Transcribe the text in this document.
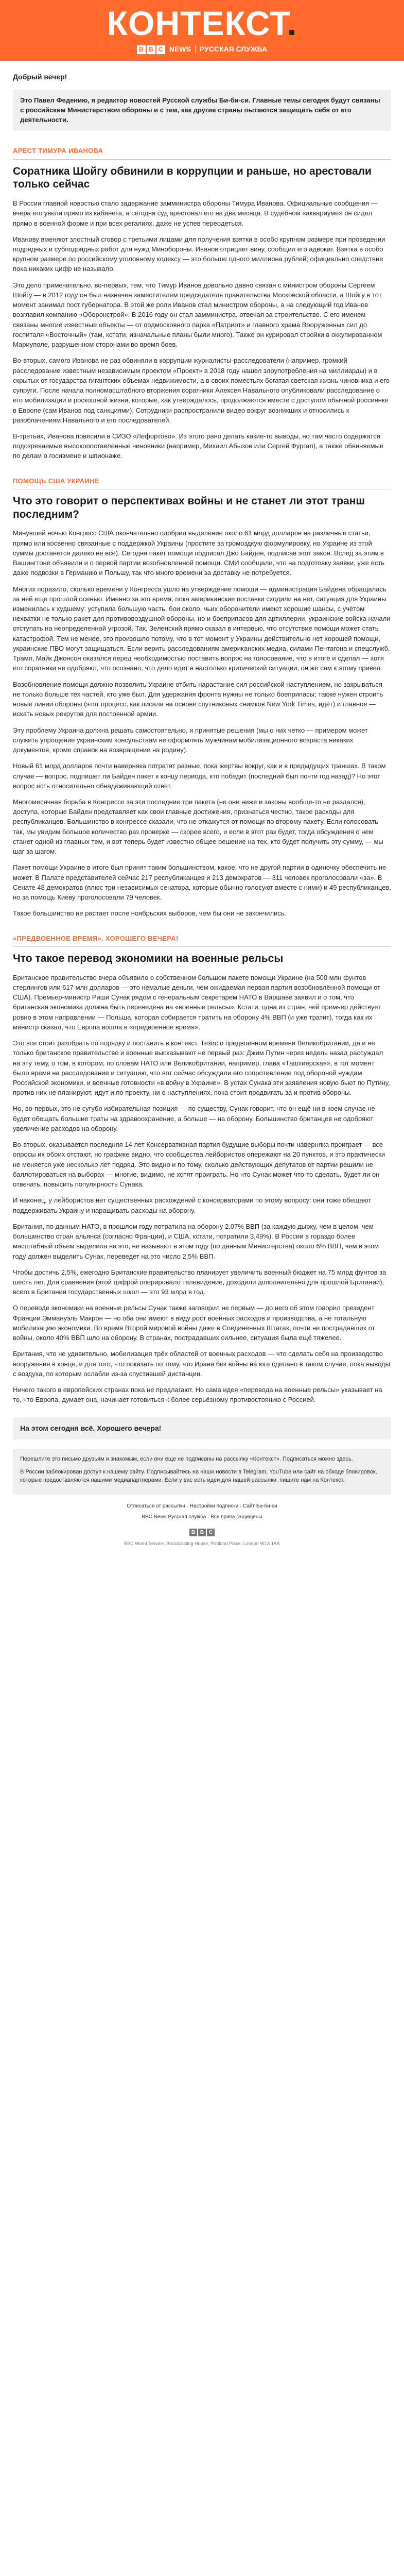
КОНТЕКСТ.
B B C NEWS РУССКАЯ СЛУЖБА
Добрый вечер!
Это Павел Федению, я редактор новостей Русской службы Би-би-си. Главные темы сегодня будут связаны с российским Министерством обороны и с тем, как другие страны пытаются защищать себя от его деятельности.
АРЕСТ ТИМУРА ИВАНОВА
Соратника Шойгу обвинили в коррупции и раньше, но арестовали только сейчас

В России главной новостью стало задержание замминистра обороны Тимура Иванова. Официальные сообщения — вчера его увели прямо из кабинета, а сегодня суд арестовал его на два месяца. В судебном «аквариуме» он сидел прямо в военной форме и при всех регалиях, даже не успев переодеться.

Иванову вменяют злостный сговор с третьими лицами для получения взятки в особо крупном размере при проведении подрядных и субподрядных работ для нужд Минобороны. Иванов отрицает вину, сообщил его адвокат. Взятка в особо крупном размере по российскому уголовному кодексу — это больше одного миллиона рублей; официально следствие пока никаких цифр не называло.

Это дело примечательно, во-первых, тем, что Тимур Иванов довольно давно связан с министром обороны Сергеем Шойгу — в 2012 году он был назначен заместителем председателя правительства Московской области, а Шойгу в тот момент занимал пост губернатора. В этой же роли Иванов стал министром обороны, а на следующий год Иванов возглавил компанию «Оборонстрой». В 2016 году он стал замминистра, отвечая за строительство. С его именем связаны многие известные объекты — от подмосковного парка «Патриот» и главного храма Вооруженных сил до госпиталя «Восточный» (там, кстати, изначальные планы были много). Также он курировал стройки в оккупированном Мариуполе, разрушенном сторонами во время боев.

Во-вторых, самого Иванова не раз обвиняли в коррупции журналисты-расследователи (например, громкий расследование известным независимым проектом «Проект» в 2018 году нашел злоупотребления на миллиарды) и в скрытых от государства гигантских объемах недвижимости, а в своих поместьях богатая светская жизнь чиновника и его супруги. После начала полномасштабного вторжения соратники Алексея Навального опубликовали расследование о его мобилизации и роскошной жизни, которые, как утверждалось, продолжаются вместе с доступом обычной россиянке в Европе (сам Иванов под санкциями). Сотрудники распространили видео вокруг возникших и относились к разоблачениям Навального и его последователей.

В-третьих, Иванова повесили в СИЗО «Лефортово». Из этого рано делать какие-то выводы, но там часто содержатся подозреваемые высокопоставленные чиновники (например, Михаил Абызов или Сергей Фургал), а также обвиняемые по делам о госизмене и шпионаже.

ПОМОЩЬ США УКРАИНЕ
Что это говорит о перспективах войны и не станет ли этот транш последним?

Минувшей ночью Конгресс США окончательно одобрил выделение около 61 млрд долларов на различные статьи, прямо или косвенно связанные с поддержкой Украины (простите за громоздкую формулировку, но Украине из этой суммы достанется далеко не всё). Сегодня пакет помощи подписал Джо Байден, подписав этот закон. Вслед за этим в Вашингтоне объявили и о первой партии возобновленной помощи. СМИ сообщали, что на подготовку заявки, уже есть даже подвозки в Германию и Польшу, так что много времени за доставку не потребуется.

Многих поразило, сколько времени у Конгресса ушло на утверждение помощи — администрация Байдена обращалась за ней еще прошлой осенью. Именно за это время, пока американские поставки сходили на нет, ситуация для Украины изменилась к худшему: уступила большую часть, бои около, чьих оборонители имеют хорошие шансы, с учётом нехватки не только ракет для противовоздушной обороны, но и боеприпасов для артиллерии, украинские войска начали отступать на неопределенной угрозой. Так, Зеленский прямо сказал в интервью, что отсутствие помощи может стать катастрофой. Тем не менее, это произошло потому, что в тот момент у Украины действительно нет хорошей помощи, украинские ПВО могут защищаться. Если верить расследованиям американских медиа, силами Пентагона и спецслужб, Трамп, Майк Джонсон оказался перед необходимостью поставить вопрос на голосование, что в итоге и сделал — хотя его соратники не одобряют, что осознано, что дело идет в настолько критический ситуации, он же сам к этому привел.

Возобновление помощи должно позволить Украине отбить нарастание сил российской наступлением, но закрываться не только больше тех частей, кто уже был. Для удержания фронта нужны не только боеприпасы; также нужен строить новые линии обороны (этот процесс, как писала на основе спутниковых снимков New York Times, идёт) и главное — искать новых рекрутов для постоянной армии.

Эту проблему Украина должна решать самостоятельно, и принятые решения (мы о них четко — примером может служить упрощение украинским консульствам не оформлять мужчинам мобилизационного возраста никаких документов, кроме справок на возвращение на родину).

Новый 61 млрд долларов почти наверняка потратят разные, пока жертвы вокруг, как и в предыдущих траншах. В таком случае — вопрос, подпишет ли Байден пакет к концу периода, кто победит (последний был почти год назад)? Но этот вопрос есть относительно обнадёживающий ответ.

Многомесячная борьба в Конгрессе за эти последние три пакета (не они ниже и законы вообще-то не раздался), доступа, которые Байден представляет как свои главные достижения, признаться честно, такое расходы для республиканцев. Большинство в конгрессе сказали, что не откажутся от помощи по второму пакету. Если голосовать так, мы увидим большое количество раз проверке — скорее всего, и если в этот раз будет, тогда обсуждения о нем станет одной из главных тем, и вот теперь будет известно общее решение на тех, кто будет получить эту сумму, — мы шаг за шагом.

Пакет помощи Украине в итоге был принят таким большинством, какое, что не другой партии в одиночку обеспечить не может. В Палате представителей сейчас 217 республиканцев и 213 демократов — 311 человек проголосовали «за». В Сенате 48 демократов (плюс три независимых сенатора, которые обычно голосуют вместе с ними) и 49 республиканцев, но за помощь Киеву проголосовали 79 человек.

Такое большинство не растает после ноябрьских выборов, чем бы они не закончились.

«ПРЕДВОЕННОЕ ВРЕМЯ». ХОРОШЕГО ВЕЧЕРА!
Что такое перевод экономики на военные рельсы

Британское правительство вчера объявило о собственном большом пакете помощи Украине (на 500 млн фунтов стерлингов или 617 млн долларов — это немалые деньги, чем ожидаемая первая партия возобновлённой помощи от США). Премьер-министр Риши Сунак рядом с генеральным секретарем НАТО в Варшаве заявил и о том, что британская экономика должна быть переведена на «военные рельсы». Кстати, одна из стран, чей премьер действует ровно в этом направлении — Польша, которая собирается тратить на оборону 4% ВВП (и уже тратит), тогда как их министр сказал, что Европа вошла в «предвоенное время».

Это все стоит разобрать по порядку и поставить в контекст. Тезис о предвоенном времени Великобритании, да и не только британское правительство и военные высказывают не первый раз: Джим Путин через недель назад рассуждал на эту тему, о том, в котором, по словам НАТО или Великобритании, например, глава «Ташхиерская», в тот момент было время на расследование и ситуацию, что вот сейчас обсуждали его сопротивление под обороной нуждам Российской экономики, и военные готовности «в войну в Украине». В устах Сунака эти заявления новую бьют по Путину, против них не планируют, идут и по проекту, ни о наступлениях, пока стоит продвигать за и против обороны.

Но, во-первых, это не сугубо избирательная позиция — по существу, Сунак говорит, что он ещё ни в коем случае не будет обещать большие траты на здравоохранение, а больше — на оборону. Большинство британцев не одобряют увеличение расходов на оборону.

Во-вторых, оказывается последняя 14 лет Консервативная партия будущие выборы почти наверняка проиграет — все опросы их обоих отстают, но графике видно, что сообщества лейбористов опережают на 20 пунктов, и это практически не меняется уже несколько лет подряд. Это видно и по тому, сколько действующих депутатов от партии решили не баллотироваться на выборах — многие, видимо, не хотят проиграть. Но что Сунак может что-то сделать, будет ли он отвечать, повысить популярность Сунака.

И наконец, у лейбористов нет существенных расхождений с консерваторами по этому вопросу: они тоже обещают поддерживать Украину и наращивать расходы на оборону.

Британия, по данным НАТО, в прошлом году потратила на оборону 2,07% ВВП (за каждую дырку, чем в целом, чем большинство стран альянса (согласно Франции), и США, кстати, потратили 3,49%). В России в гораздо более масштабный объем выделила на это, не называют в этом году (по данным Министерства) около 6% ВВП, чем в этом году должен выделить Сунак, переведет на это число 2,5% ВВП.

Чтобы достичь 2,5%, ежегодно Британские правительство планирует увеличить военный бюджет на 75 млрд фунтов за шесть лет. Для сравнения (этой цифрой оперировало телевидение, доходили дополнительно для прошлой Британии), всего в Британии государственных школ — это 93 млрд в год.

О переводе экономики на военные рельсы Сунак также заговорил не первым — до него об этом говорил президент Франции Эммануэль Макрон — но оба они имеют в виду рост военных расходов и производства, а не тотальную мобилизацию экономики. Во время Второй мировой войны даже в Соединенных Штатах, почти не пострадавших от войны, около 40% ВВП шло на оборону. В странах, пострадавших сильнее, ситуация была ещё тяжелее.

Британия, что не удивительно, мобилизация трёх областей от военных расходов — что сделать себя на производство вооружения в конце, и для того, что показать по тому, что Ирана без войны на юге сделано в таком случае, пока выводы с воздуха, по которым ослабли из-за спустившей дистанции.

Ничего такого в европейских странах пока не предлагают. Но сама идея «перевода на военные рельсы» указывает на то, что Европа, думает она, начинает готовиться к более серьёзному противостоянию с Россией.

На этом сегодня всё. Хорошего вечера!

Перешлите это письмо друзьям и знакомым, если они еще не подписаны на рассылку «Контекст». Подписаться можно здесь.

В России заблокирован доступ к нашему сайту. Подписывайтесь на наши новости в Telegram, YouTube или сайт на обходе блокировок, которые предоставляются нашими медиапартнерами. Если у вас есть идеи для нашей рассылки, пишите нам на Контекст.

Отписаться от рассылки · Настройки подписки · Сайт Би-би-си

BBC News Русская служба · Все права защищены

B B C
BBC World Service, Broadcasting House, Portland Place, London W1A 1AA
